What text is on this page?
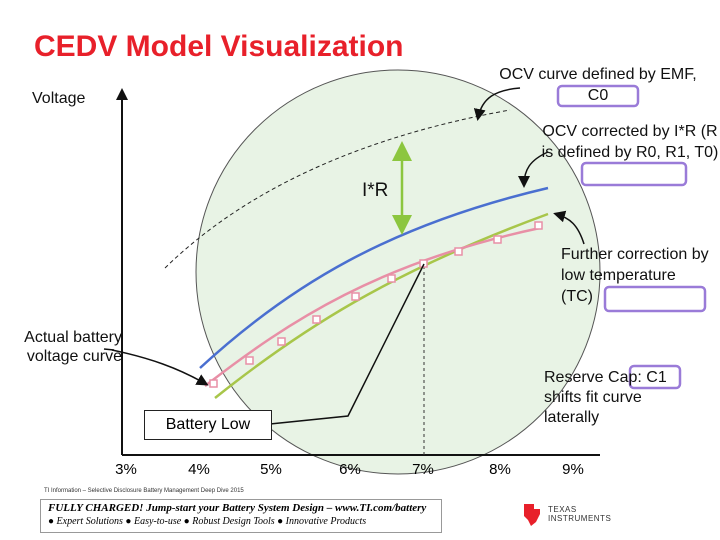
CEDV Model Visualization
Voltage
OCV curve defined by EMF, C0
OCV corrected by I*R (R is defined by R0, R1, T0)
Further correction by low temperature (TC)
Actual battery voltage curve
Reserve Cap: C1 shifts fit curve laterally
I*R
Battery Low
3%	4%	5%	6%	7%	8%	9%
TI Information – Selective Disclosure Battery Management Deep Dive 2015
FULLY CHARGED! Jump-start your Battery System Design – www.TI.com/battery
● Expert Solutions ● Easy-to-use ● Robust Design Tools ● Innovative Products
TEXAS
INSTRUMENTS
